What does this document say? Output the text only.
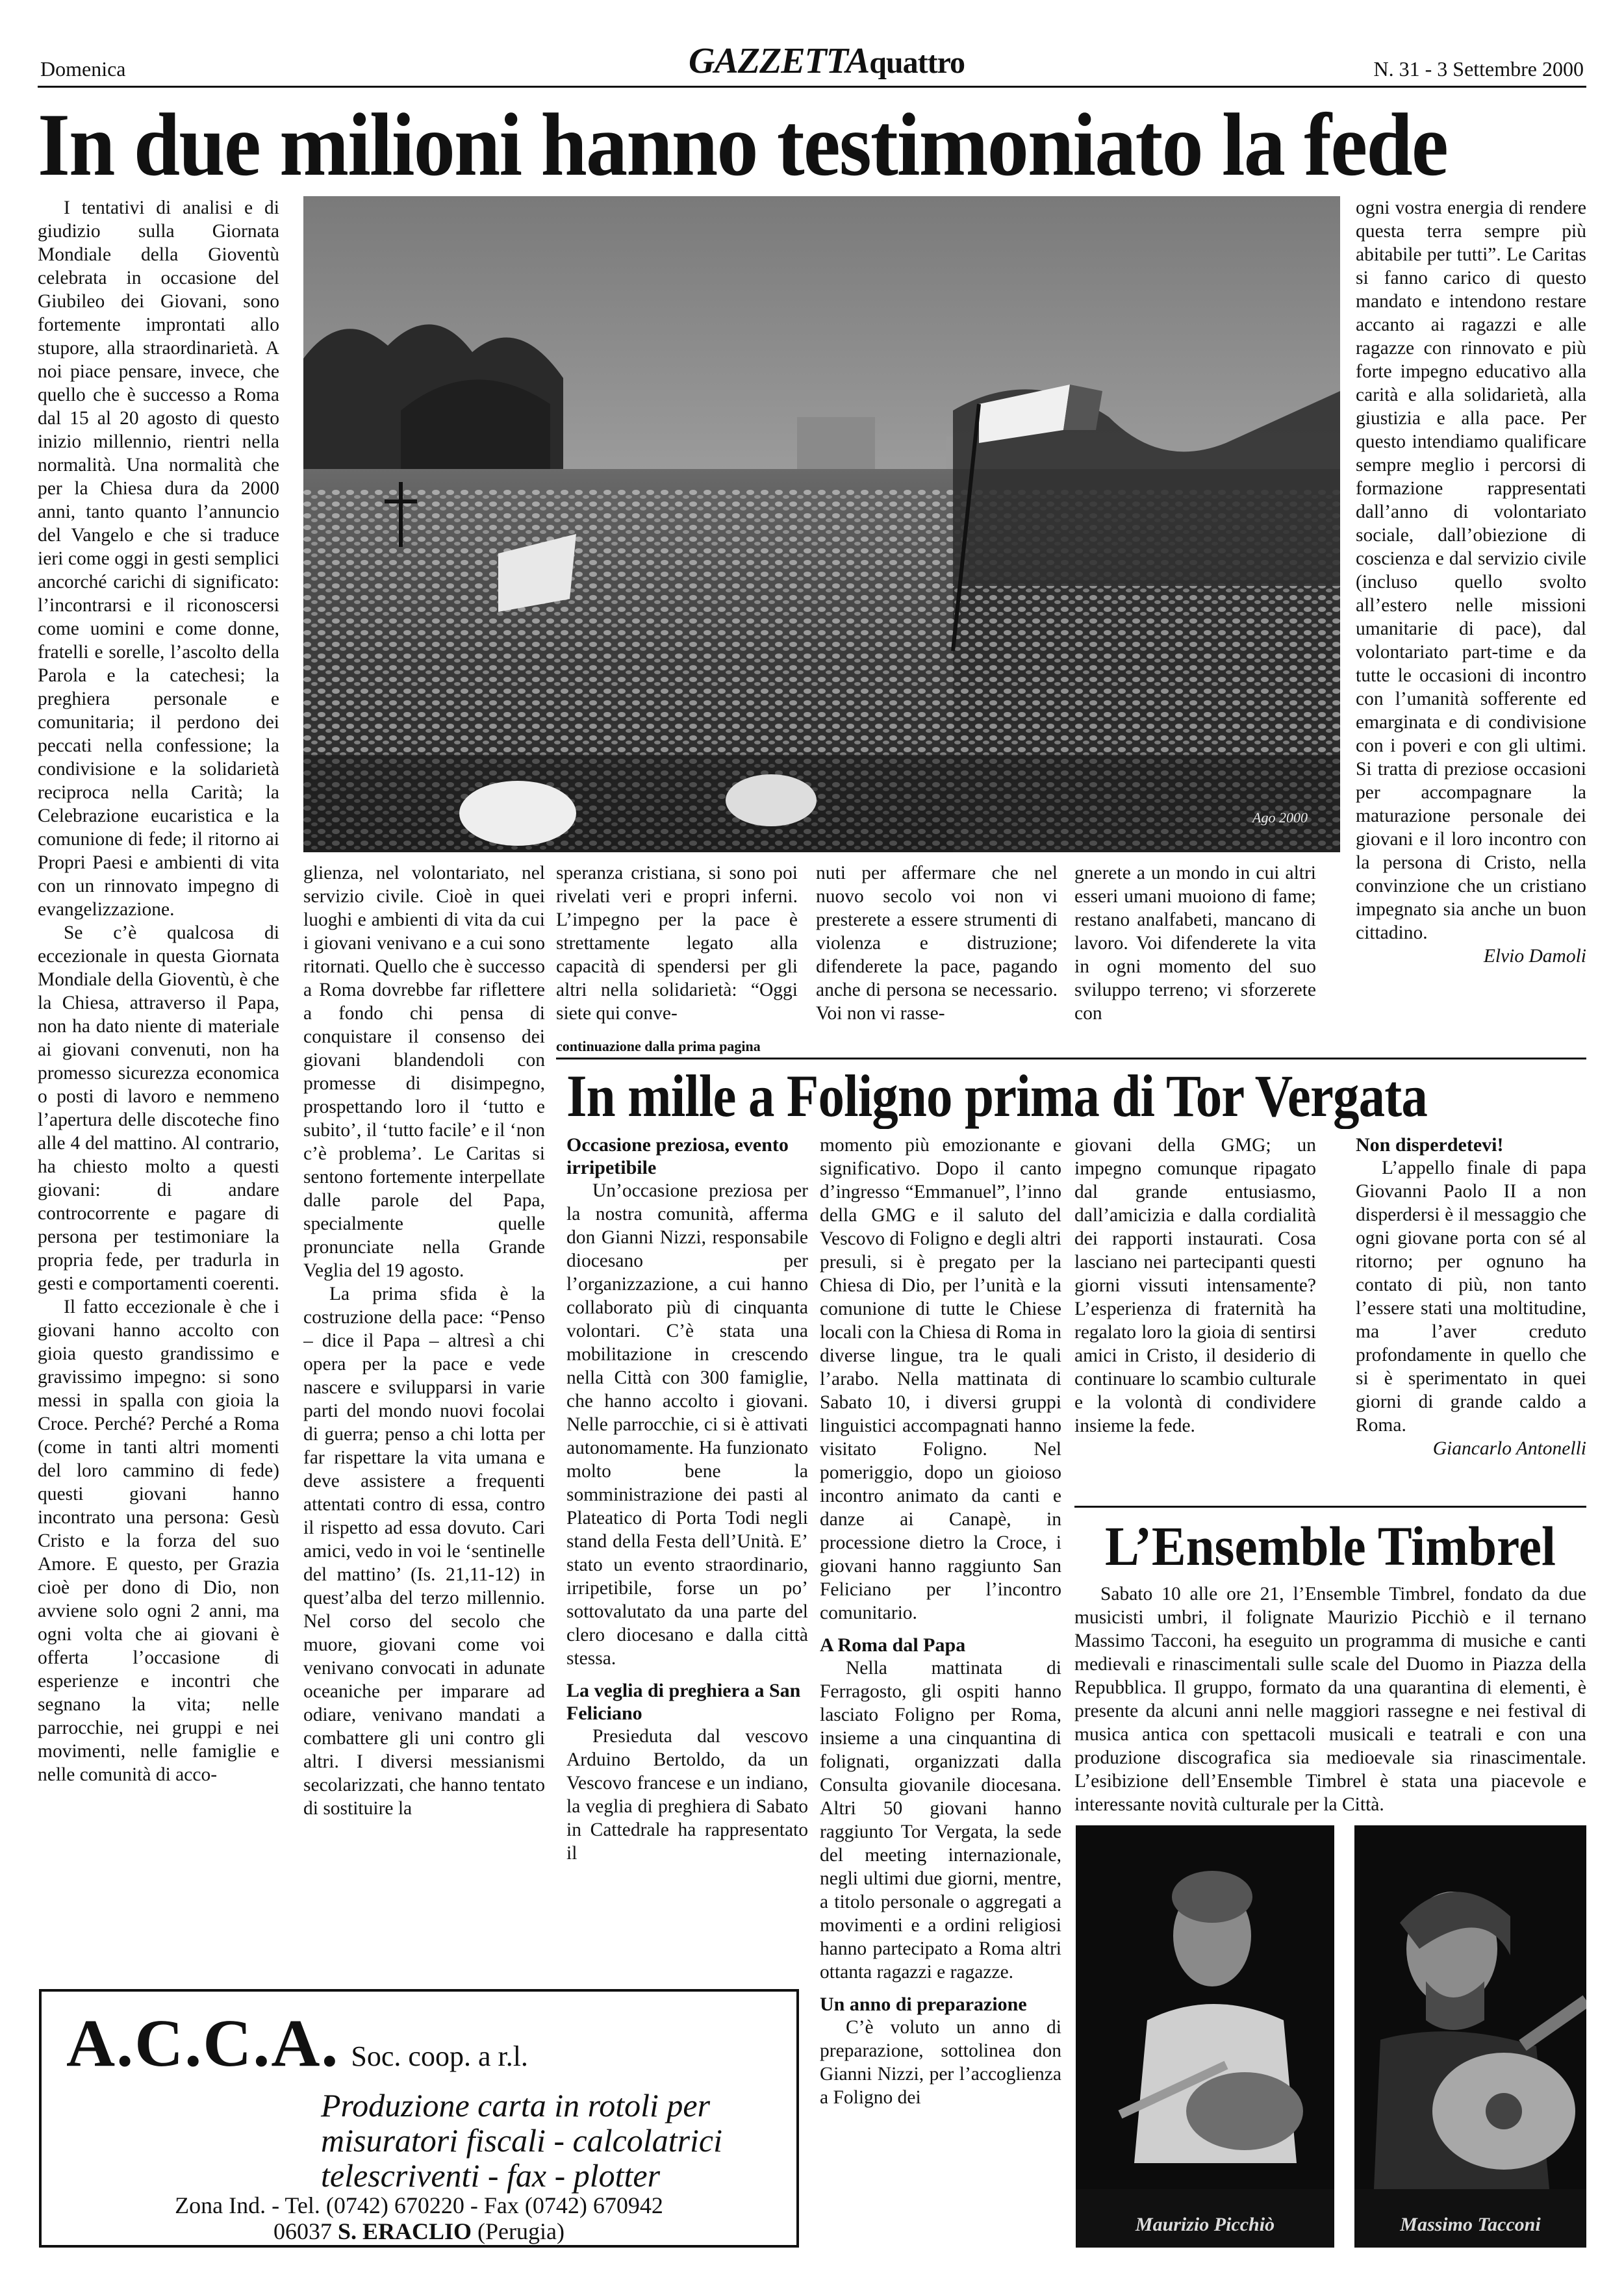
Domenica	GAZZETTAquattro	N. 31 - 3 Settembre 2000
In due milioni hanno testimoniato la fede

I tentativi di analisi e di giudizio sulla Giornata Mondiale della Gioventù celebrata in occasione del Giubileo dei Giovani, sono fortemente improntati allo stupore, alla straordinarietà. A noi piace pensare, invece, che quello che è successo a Roma dal 15 al 20 agosto di questo inizio millennio, rientri nella normalità. Una normalità che per la Chiesa dura da 2000 anni, tanto quanto l’annuncio del Vangelo e che si traduce ieri come oggi in gesti semplici ancorché carichi di significato: l’incontrarsi e il riconoscersi come uomini e come donne, fratelli e sorelle, l’ascolto della Parola e la catechesi; la preghiera personale e comunitaria; il perdono dei peccati nella confessione; la condivisione e la solidarietà reciproca nella Carità; la Celebrazione eucaristica e la comunione di fede; il ritorno ai Propri Paesi e ambienti di vita con un rinnovato impegno di evangelizzazione.

Se c’è qualcosa di eccezionale in questa Giornata Mondiale della Gioventù, è che la Chiesa, attraverso il Papa, non ha dato niente di materiale ai giovani convenuti, non ha promesso sicurezza economica o posti di lavoro e nemmeno l’apertura delle discoteche fino alle 4 del mattino. Al contrario, ha chiesto molto a questi giovani: di andare controcorrente e pagare di persona per testimoniare la propria fede, per tradurla in gesti e comportamenti coerenti.

Il fatto eccezionale è che i giovani hanno accolto con gioia questo grandissimo e gravissimo impegno: si sono messi in spalla con gioia la Croce. Perché? Perché a Roma (come in tanti altri momenti del loro cammino di fede) questi giovani hanno incontrato una persona: Gesù Cristo e la forza del suo Amore. E questo, per Grazia cioè per dono di Dio, non avviene solo ogni 2 anni, ma ogni volta che ai giovani è offerta l’occasione di esperienze e incontri che segnano la vita; nelle parrocchie, nei gruppi e nei movimenti, nelle famiglie e nelle comunità di acco-

Ago 2000

glienza, nel volontariato, nel servizio civile. Cioè in quei luoghi e ambienti di vita da cui i giovani venivano e a cui sono ritornati. Quello che è successo a Roma dovrebbe far riflettere a fondo chi pensa di conquistare il consenso dei giovani blandendoli con promesse di disimpegno, prospettando loro il ‘tutto e subito’, il ‘tutto facile’ e il ‘non c’è problema’. Le Caritas si sentono fortemente interpellate dalle parole del Papa, specialmente quelle pronunciate nella Grande Veglia del 19 agosto.

La prima sfida è la costruzione della pace: “Penso – dice il Papa – altresì a chi opera per la pace e vede nascere e svilupparsi in varie parti del mondo nuovi focolai di guerra; penso a chi lotta per far rispettare la vita umana e deve assistere a frequenti attentati contro di essa, contro il rispetto ad essa dovuto. Cari amici, vedo in voi le ‘sentinelle del mattino’ (Is. 21,11-12) in quest’alba del terzo millennio. Nel corso del secolo che muore, giovani come voi venivano convocati in adunate oceaniche per imparare ad odiare, venivano mandati a combattere gli uni contro gli altri. I diversi messianismi secolarizzati, che hanno tentato di sostituire la

speranza cristiana, si sono poi rivelati veri e propri inferni. L’impegno per la pace è strettamente legato alla capacità di spendersi per gli altri nella solidarietà: “Oggi siete qui conve-

nuti per affermare che nel nuovo secolo voi non vi presterete a essere strumenti di violenza e distruzione; difenderete la pace, pagando anche di persona se necessario. Voi non vi rasse-

gnerete a un mondo in cui altri esseri umani muoiono di fame; restano analfabeti, mancano di lavoro. Voi difenderete la vita in ogni momento del suo sviluppo terreno; vi sforzerete con

ogni vostra energia di rendere questa terra sempre più abitabile per tutti”. Le Caritas si fanno carico di questo mandato e intendono restare accanto ai ragazzi e alle ragazze con rinnovato e più forte impegno educativo alla carità e alla solidarietà, alla giustizia e alla pace. Per questo intendiamo qualificare sempre meglio i percorsi di formazione rappresentati dall’anno di volontariato sociale, dall’obiezione di coscienza e dal servizio civile (incluso quello svolto all’estero nelle missioni umanitarie di pace), dal volontariato part-time e da tutte le occasioni di incontro con l’umanità sofferente ed emarginata e di condivisione con i poveri e con gli ultimi. Si tratta di preziose occasioni per accompagnare la maturazione personale dei giovani e il loro incontro con la persona di Cristo, nella convinzione che un cristiano impegnato sia anche un buon cittadino.

Elvio Damoli

continuazione dalla prima pagina
In mille a Foligno prima di Tor Vergata
Occasione preziosa, evento irripetibile

Un’occasione preziosa per la nostra comunità, afferma don Gianni Nizzi, responsabile diocesano per l’organizzazione, a cui hanno collaborato più di cinquanta volontari. C’è stata una mobilitazione in crescendo nella Città con 300 famiglie, che hanno accolto i giovani. Nelle parrocchie, ci si è attivati autonomamente. Ha funzionato molto bene la somministrazione dei pasti al Plateatico di Porta Todi negli stand della Festa dell’Unità. E’ stato un evento straordinario, irripetibile, forse un po’ sottovalutato da una parte del clero diocesano e dalla città stessa.

La veglia di preghiera a San Feliciano

Presieduta dal vescovo Arduino Bertoldo, da un Vescovo francese e un indiano, la veglia di preghiera di Sabato in Cattedrale ha rappresentato il

momento più emozionante e significativo. Dopo il canto d’ingresso “Emmanuel”, l’inno della GMG e il saluto del Vescovo di Foligno e degli altri presuli, si è pregato per la Chiesa di Dio, per l’unità e la comunione di tutte le Chiese locali con la Chiesa di Roma in diverse lingue, tra le quali l’arabo. Nella mattinata di Sabato 10, i diversi gruppi linguistici accompagnati hanno visitato Foligno. Nel pomeriggio, dopo un gioioso incontro animato da canti e danze ai Canapè, in processione dietro la Croce, i giovani hanno raggiunto San Feliciano per l’incontro comunitario.

A Roma dal Papa

Nella mattinata di Ferragosto, gli ospiti hanno lasciato Foligno per Roma, insieme a una cinquantina di folignati, organizzati dalla Consulta giovanile diocesana. Altri 50 giovani hanno raggiunto Tor Vergata, la sede del meeting internazionale, negli ultimi due giorni, mentre, a titolo personale o aggregati a movimenti e a ordini religiosi hanno partecipato a Roma altri ottanta ragazzi e ragazze.

Un anno di preparazione

C’è voluto un anno di preparazione, sottolinea don Gianni Nizzi, per l’accoglienza a Foligno dei

giovani della GMG; un impegno comunque ripagato dal grande entusiasmo, dall’amicizia e dalla cordialità dei rapporti instaurati. Cosa lasciano nei partecipanti questi giorni vissuti intensamente? L’esperienza di fraternità ha regalato loro la gioia di sentirsi amici in Cristo, il desiderio di continuare lo scambio culturale e la volontà di condividere insieme la fede.

Non disperdetevi!

L’appello finale di papa Giovanni Paolo II a non disperdersi è il messaggio che ogni giovane porta con sé al ritorno; per ognuno ha contato di più, non tanto l’essere stati una moltitudine, ma l’aver creduto profondamente in quello che si è sperimentato in quei giorni di grande caldo a Roma.

Giancarlo Antonelli

L’Ensemble Timbrel

Sabato 10 alle ore 21, l’Ensemble Timbrel, fondato da due musicisti umbri, il folignate Maurizio Picchiò e il ternano Massimo Tacconi, ha eseguito un programma di musiche e canti medievali e rinascimentali sulle scale del Duomo in Piazza della Repubblica. Il gruppo, formato da una quarantina di elementi, è presente da alcuni anni nelle maggiori rassegne e nei festival di musica antica con spettacoli musicali e teatrali e con una produzione discografica sia medioevale sia rinascimentale. L’esibizione dell’Ensemble Timbrel è stata una piacevole e interessante novità culturale per la Città.

Maurizio Picchiò	Massimo Tacconi
A.C.C.A. Soc. coop. a r.l.
Produzione carta in rotoli per
misuratori fiscali - calcolatrici
telescriventi - fax - plotter
Zona Ind. - Tel. (0742) 670220 - Fax (0742) 670942
06037 S. ERACLIO (Perugia)
